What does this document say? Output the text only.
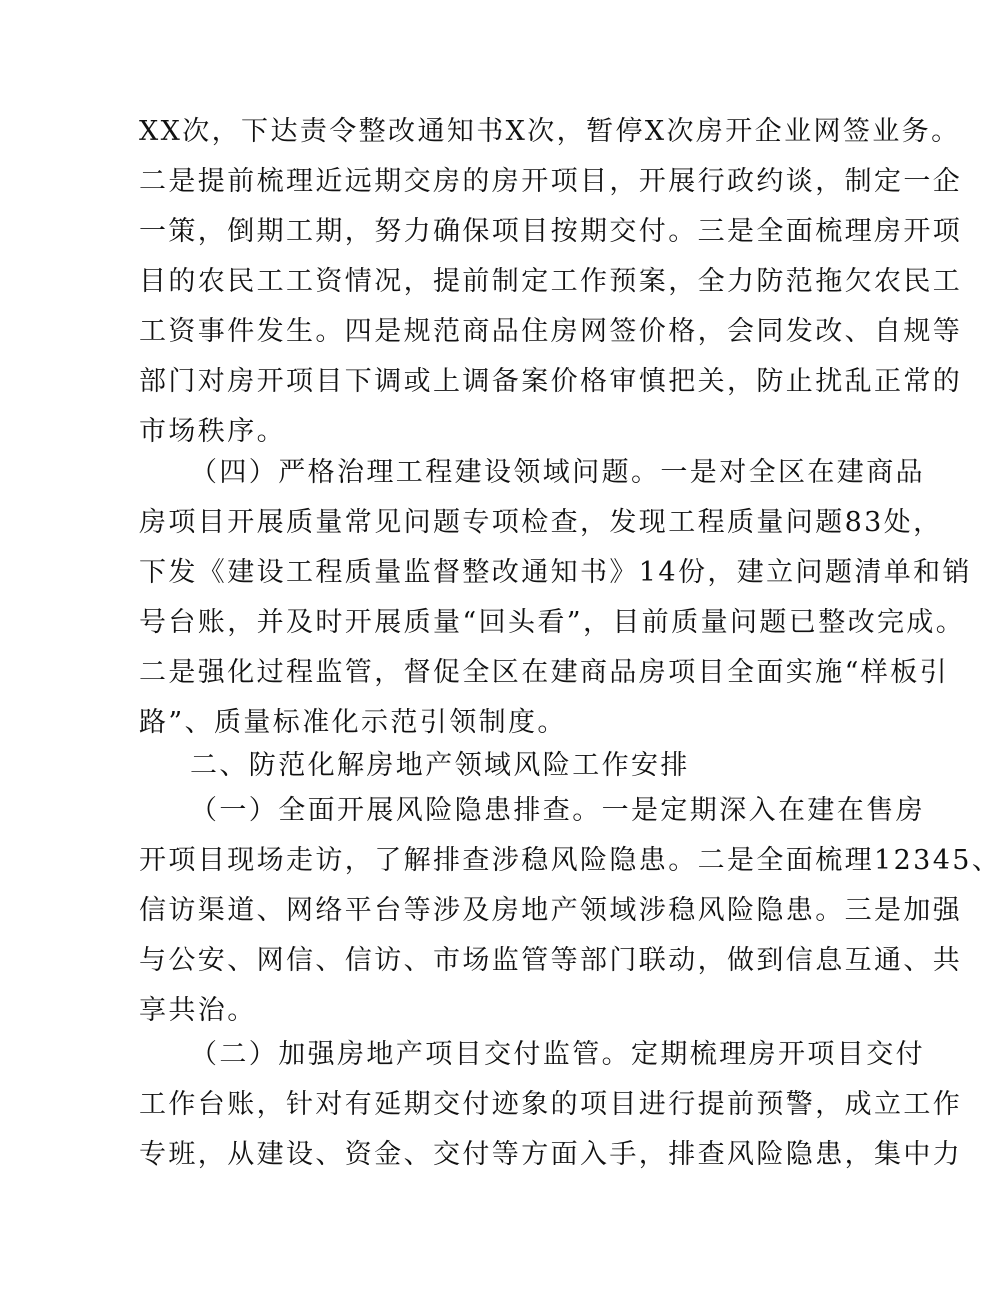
XX次，下达责令整改通知书X次，暂停X次房开企业网签业务。
二是提前梳理近远期交房的房开项目，开展行政约谈，制定一企
一策，倒期工期，努力确保项目按期交付。三是全面梳理房开项
目的农民工工资情况，提前制定工作预案，全力防范拖欠农民工
工资事件发生。四是规范商品住房网签价格，会同发改、自规等
部门对房开项目下调或上调备案价格审慎把关，防止扰乱正常的
市场秩序。
（四）严格治理工程建设领域问题。一是对全区在建商品
房项目开展质量常见问题专项检查，发现工程质量问题83处，
下发《建设工程质量监督整改通知书》14份，建立问题清单和销
号台账，并及时开展质量“回头看”，目前质量问题已整改完成。
二是强化过程监管，督促全区在建商品房项目全面实施“样板引
路”、质量标准化示范引领制度。
二、防范化解房地产领域风险工作安排
（一）全面开展风险隐患排查。一是定期深入在建在售房
开项目现场走访，了解排查涉稳风险隐患。二是全面梳理12345、
信访渠道、网络平台等涉及房地产领域涉稳风险隐患。三是加强
与公安、网信、信访、市场监管等部门联动，做到信息互通、共
享共治。
（二）加强房地产项目交付监管。定期梳理房开项目交付
工作台账，针对有延期交付迹象的项目进行提前预警，成立工作
专班，从建设、资金、交付等方面入手，排查风险隐患，集中力
